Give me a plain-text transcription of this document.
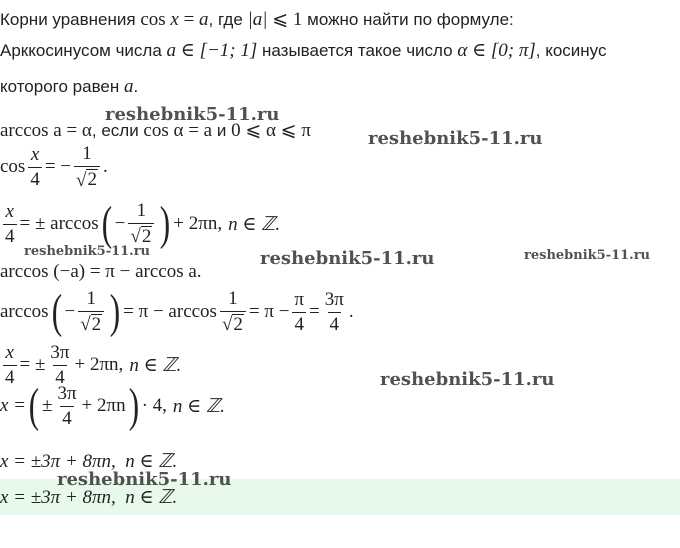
Корни уравнения cos x = a, где |a| ⩽ 1 можно найти по формуле:
Арккосинусом числа a ∈ [−1; 1] называется такое число α ∈ [0; π], косинус
которого равен a.
arccos a = α, если cos α = a и 0 ⩽ α ⩽ π
$\cos \frac{x}{4}$ = − $\frac{1}{√ 2}$ .
$\frac{x}{4}$ = ± arccos ( − $\frac{1}{√ 2}$ ) + 2πn, n ∈ ℤ.
arccos (−a) = π − arccos a.
arccos ( − $\frac{1}{√ 2}$ ) = $\pi - \arccos \frac{1}{√ 2} = \pi - \frac{\pi}{4} = \frac{3\pi}{4}$ .
$\frac{x}{4}$ = ± $\frac{3\pi}{4} + 2\pi n$, n ∈ ℤ.
x = ( ± $\frac{3\pi}{4} + 2\pi n$ ) · 4, n ∈ ℤ.
x = ±3π + 8πn, n ∈ ℤ.
x = ±3π + 8πn, n ∈ ℤ.
reshebnik5-11.ru
reshebnik5-11.ru
reshebnik5-11.ru	reshebnik5-11.ru	reshebnik5-11.ru
reshebnik5-11.ru
reshebnik5-11.ru
